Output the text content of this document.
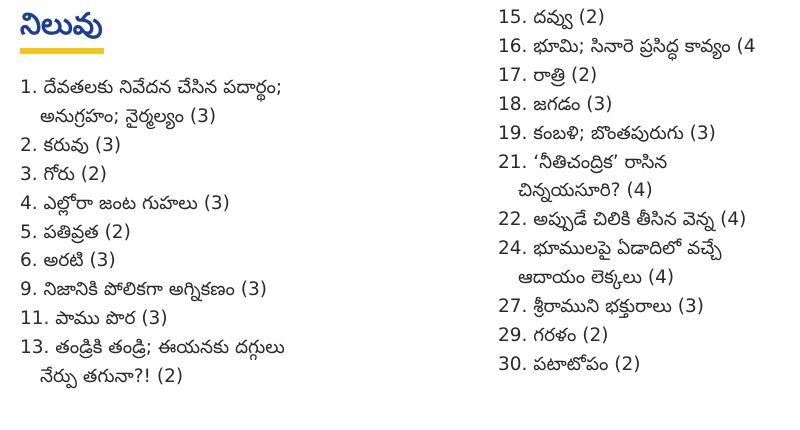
నిలువు
1. దేవతలకు నివేదన చేసిన పదార్థం;
అనుగ్రహం; నైర్మల్యం (3)
2. కరువు (3)
3. గోరు (2)
4. ఎల్లోరా జంట గుహలు (3)
5. పతివ్రత (2)
6. అరటి (3)
9. నిజానికి పోలికగా అగ్నికణం (3)
11. పాము పొర (3)
13. తండ్రికి తండ్రి; ఈయనకు దగ్గులు
నేర్పు తగునా?! (2)
15. దవ్వు (2)
16. భూమి; సినారె ప్రసిద్ధ కావ్యం (4
17. రాత్రి (2)
18. జగడం (3)
19. కంబళి; బొంతపురుగు (3)
21. ‘నీతిచంద్రిక’ రాసిన
చిన్నయసూరి? (4)
22. అప్పుడే చిలికి తీసిన వెన్న (4)
24. భూములపై ఏడాదిలో వచ్చే
ఆదాయం లెక్కలు (4)
27. శ్రీరాముని భక్తురాలు (3)
29. గరళం (2)
30. పటాటోపం (2)
